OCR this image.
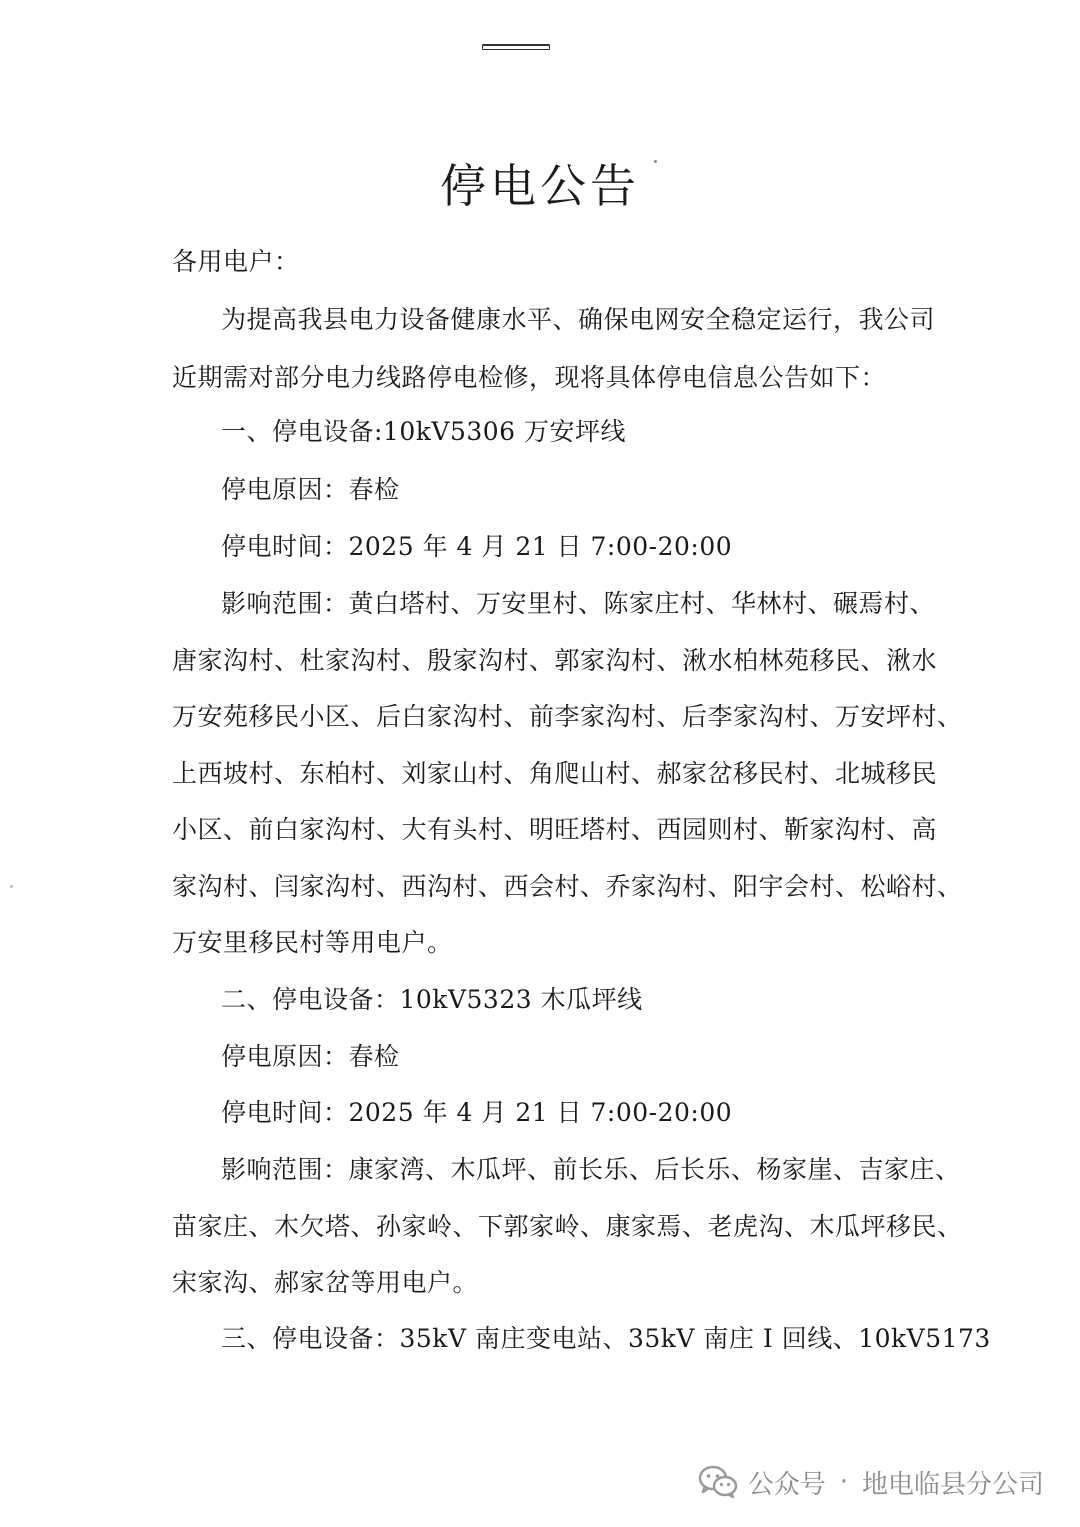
停电公告
各用电户：
为提高我县电力设备健康水平、确保电网安全稳定运行，我公司
近期需对部分电力线路停电检修，现将具体停电信息公告如下：
一、停电设备:10kV5306 万安坪线
停电原因：春检
停电时间：2025 年 4 月 21 日 7:00-20:00
影响范围：黄白塔村、万安里村、陈家庄村、华林村、碾焉村、
唐家沟村、杜家沟村、殷家沟村、郭家沟村、湫水柏林苑移民、湫水
万安苑移民小区、后白家沟村、前李家沟村、后李家沟村、万安坪村、
上西坡村、东柏村、刘家山村、角爬山村、郝家岔移民村、北城移民
小区、前白家沟村、大有头村、明旺塔村、西园则村、靳家沟村、高
家沟村、闫家沟村、西沟村、西会村、乔家沟村、阳宇会村、松峪村、
万安里移民村等用电户。
二、停电设备：10kV5323 木瓜坪线
停电原因：春检
停电时间：2025 年 4 月 21 日 7:00-20:00
影响范围：康家湾、木瓜坪、前长乐、后长乐、杨家崖、吉家庄、
苗家庄、木欠塔、孙家岭、下郭家岭、康家焉、老虎沟、木瓜坪移民、
宋家沟、郝家岔等用电户。
三、停电设备：35kV 南庄变电站、35kV 南庄 I 回线、10kV5173
公众号 · 地电临县分公司
